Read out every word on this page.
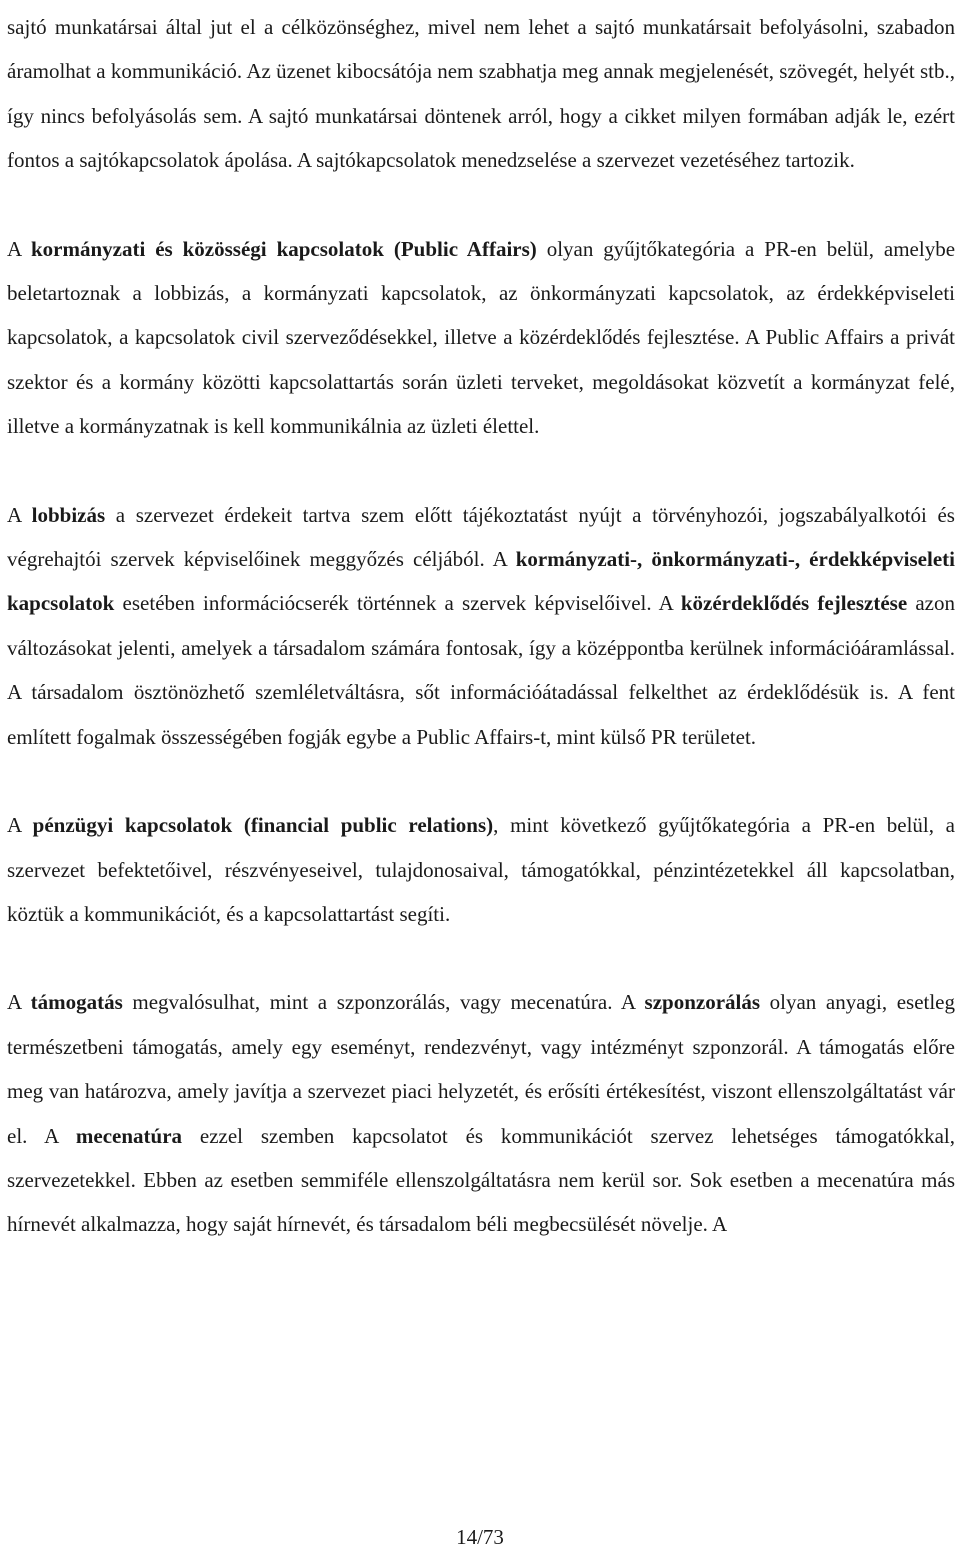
sajtó munkatársai által jut el a célközönséghez, mivel nem lehet a sajtó munkatársait befolyásolni, szabadon áramolhat a kommunikáció. Az üzenet kibocsátója nem szabhatja meg annak megjelenését, szövegét, helyét stb., így nincs befolyásolás sem. A sajtó munkatársai döntenek arról, hogy a cikket milyen formában adják le, ezért fontos a sajtókapcsolatok ápolása. A sajtókapcsolatok menedzselése a szervezet vezetéséhez tartozik.

A kormányzati és közösségi kapcsolatok (Public Affairs) olyan gyűjtőkategória a PR-en belül, amelybe beletartoznak a lobbizás, a kormányzati kapcsolatok, az önkormányzati kapcsolatok, az érdekképviseleti kapcsolatok, a kapcsolatok civil szerveződésekkel, illetve a közérdeklődés fejlesztése. A Public Affairs a privát szektor és a kormány közötti kapcsolattartás során üzleti terveket, megoldásokat közvetít a kormányzat felé, illetve a kormányzatnak is kell kommunikálnia az üzleti élettel.

A lobbizás a szervezet érdekeit tartva szem előtt tájékoztatást nyújt a törvényhozói, jogszabályalkotói és végrehajtói szervek képviselőinek meggyőzés céljából. A kormányzati-, önkormányzati-, érdekképviseleti kapcsolatok esetében információcserék történnek a szervek képviselőivel. A közérdeklődés fejlesztése azon változásokat jelenti, amelyek a társadalom számára fontosak, így a középpontba kerülnek információáramlással. A társadalom ösztönözhető szemléletváltásra, sőt információátadással felkelthet az érdeklődésük is. A fent említett fogalmak összességében fogják egybe a Public Affairs-t, mint külső PR területet.

A pénzügyi kapcsolatok (financial public relations), mint következő gyűjtőkategória a PR-en belül, a szervezet befektetőivel, részvényeseivel, tulajdonosaival, támogatókkal, pénzintézetekkel áll kapcsolatban, köztük a kommunikációt, és a kapcsolattartást segíti.

A támogatás megvalósulhat, mint a szponzorálás, vagy mecenatúra. A szponzorálás olyan anyagi, esetleg természetbeni támogatás, amely egy eseményt, rendezvényt, vagy intézményt szponzorál. A támogatás előre meg van határozva, amely javítja a szervezet piaci helyzetét, és erősíti értékesítést, viszont ellenszolgáltatást vár el. A mecenatúra ezzel szemben kapcsolatot és kommunikációt szervez lehetséges támogatókkal, szervezetekkel. Ebben az esetben semmiféle ellenszolgáltatásra nem kerül sor. Sok esetben a mecenatúra más hírnevét alkalmazza, hogy saját hírnevét, és társadalom béli megbecsülését növelje. A

14/73
